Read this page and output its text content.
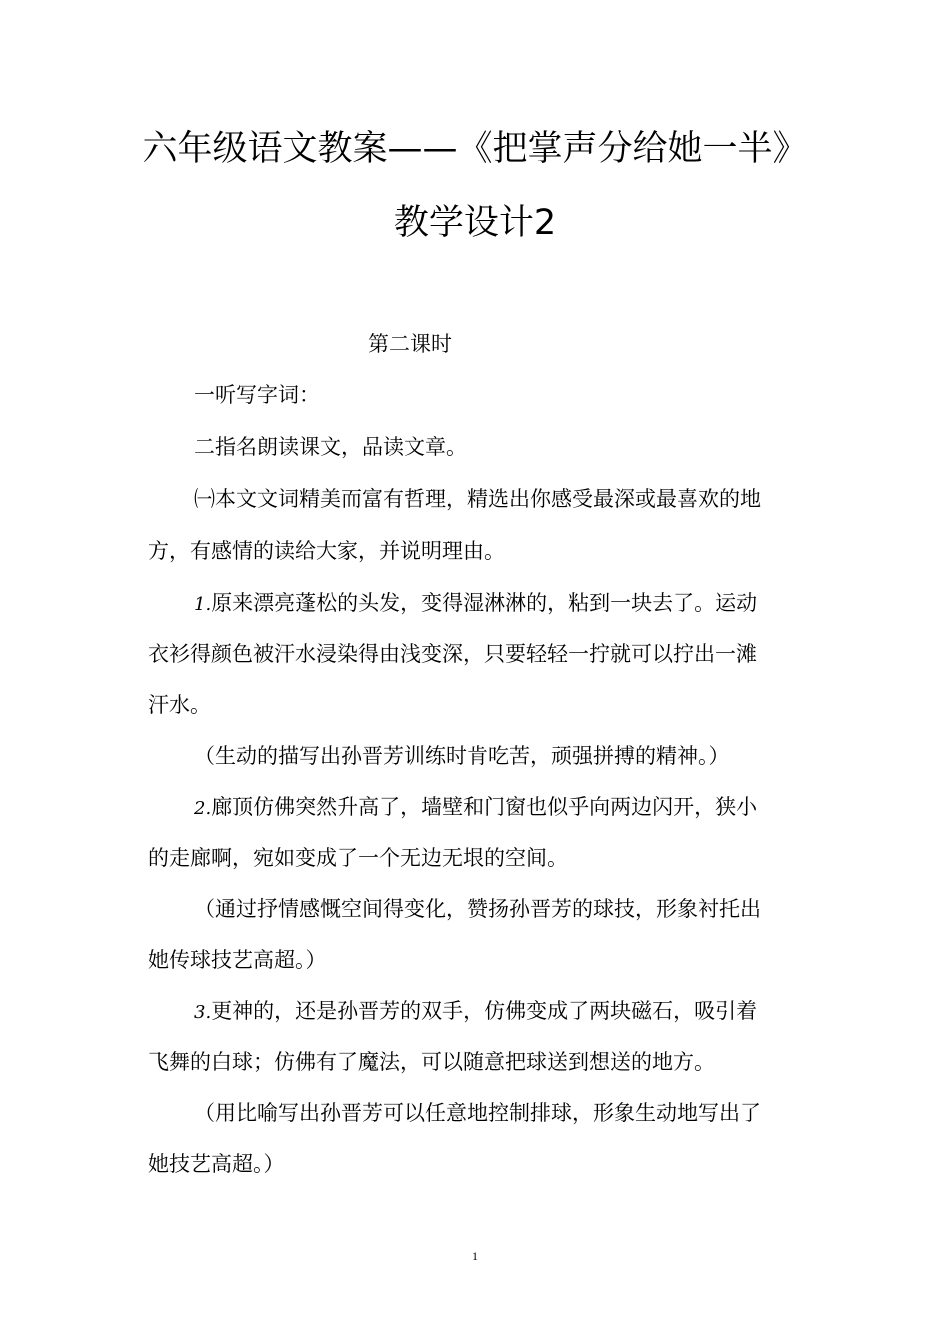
六年级语文教案——《把掌声分给她一半》
教学设计2
第二课时
一听写字词：
二指名朗读课文，品读文章。
㈠本文文词精美而富有哲理，精选出你感受最深或最喜欢的地
方，有感情的读给大家，并说明理由。
1.原来漂亮蓬松的头发，变得湿淋淋的，粘到一块去了。运动
衣衫得颜色被汗水浸染得由浅变深，只要轻轻一拧就可以拧出一滩
汗水。
（生动的描写出孙晋芳训练时肯吃苦，顽强拼搏的精神。）
2.廊顶仿佛突然升高了，墙壁和门窗也似乎向两边闪开，狭小
的走廊啊，宛如变成了一个无边无垠的空间。
（通过抒情感慨空间得变化，赞扬孙晋芳的球技，形象衬托出
她传球技艺高超。）
3.更神的，还是孙晋芳的双手，仿佛变成了两块磁石，吸引着
飞舞的白球；仿佛有了魔法，可以随意把球送到想送的地方。
（用比喻写出孙晋芳可以任意地控制排球，形象生动地写出了
她技艺高超。）
1
